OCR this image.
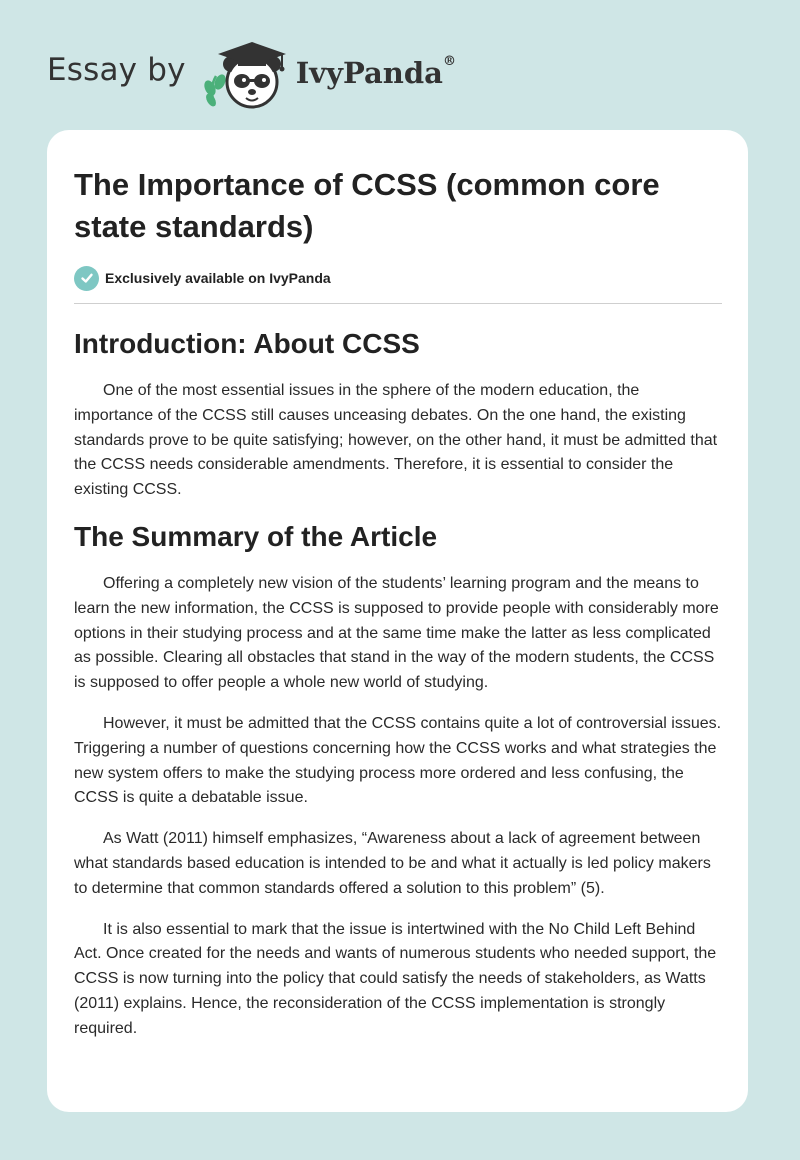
Essay by	IvyPanda®
The Importance of CCSS (common core state standards)
Exclusively available on IvyPanda
Introduction: About CCSS

One of the most essential issues in the sphere of the modern education, the importance of the CCSS still causes unceasing debates. On the one hand, the existing standards prove to be quite satisfying; however, on the other hand, it must be admitted that the CCSS needs considerable amendments. Therefore, it is essential to consider the existing CCSS.

The Summary of the Article

Offering a completely new vision of the students’ learning program and the means to learn the new information, the CCSS is supposed to provide people with considerably more options in their studying process and at the same time make the latter as less complicated as possible. Clearing all obstacles that stand in the way of the modern students, the CCSS is supposed to offer people a whole new world of studying.

However, it must be admitted that the CCSS contains quite a lot of controversial issues. Triggering a number of questions concerning how the CCSS works and what strategies the new system offers to make the studying process more ordered and less confusing, the CCSS is quite a debatable issue.

As Watt (2011) himself emphasizes, “Awareness about a lack of agreement between what standards based education is intended to be and what it actually is led policy makers to determine that common standards offered a solution to this problem” (5).

It is also essential to mark that the issue is intertwined with the No Child Left Behind Act. Once created for the needs and wants of numerous students who needed support, the CCSS is now turning into the policy that could satisfy the needs of stakeholders, as Watts (2011) explains. Hence, the reconsideration of the CCSS implementation is strongly required.
